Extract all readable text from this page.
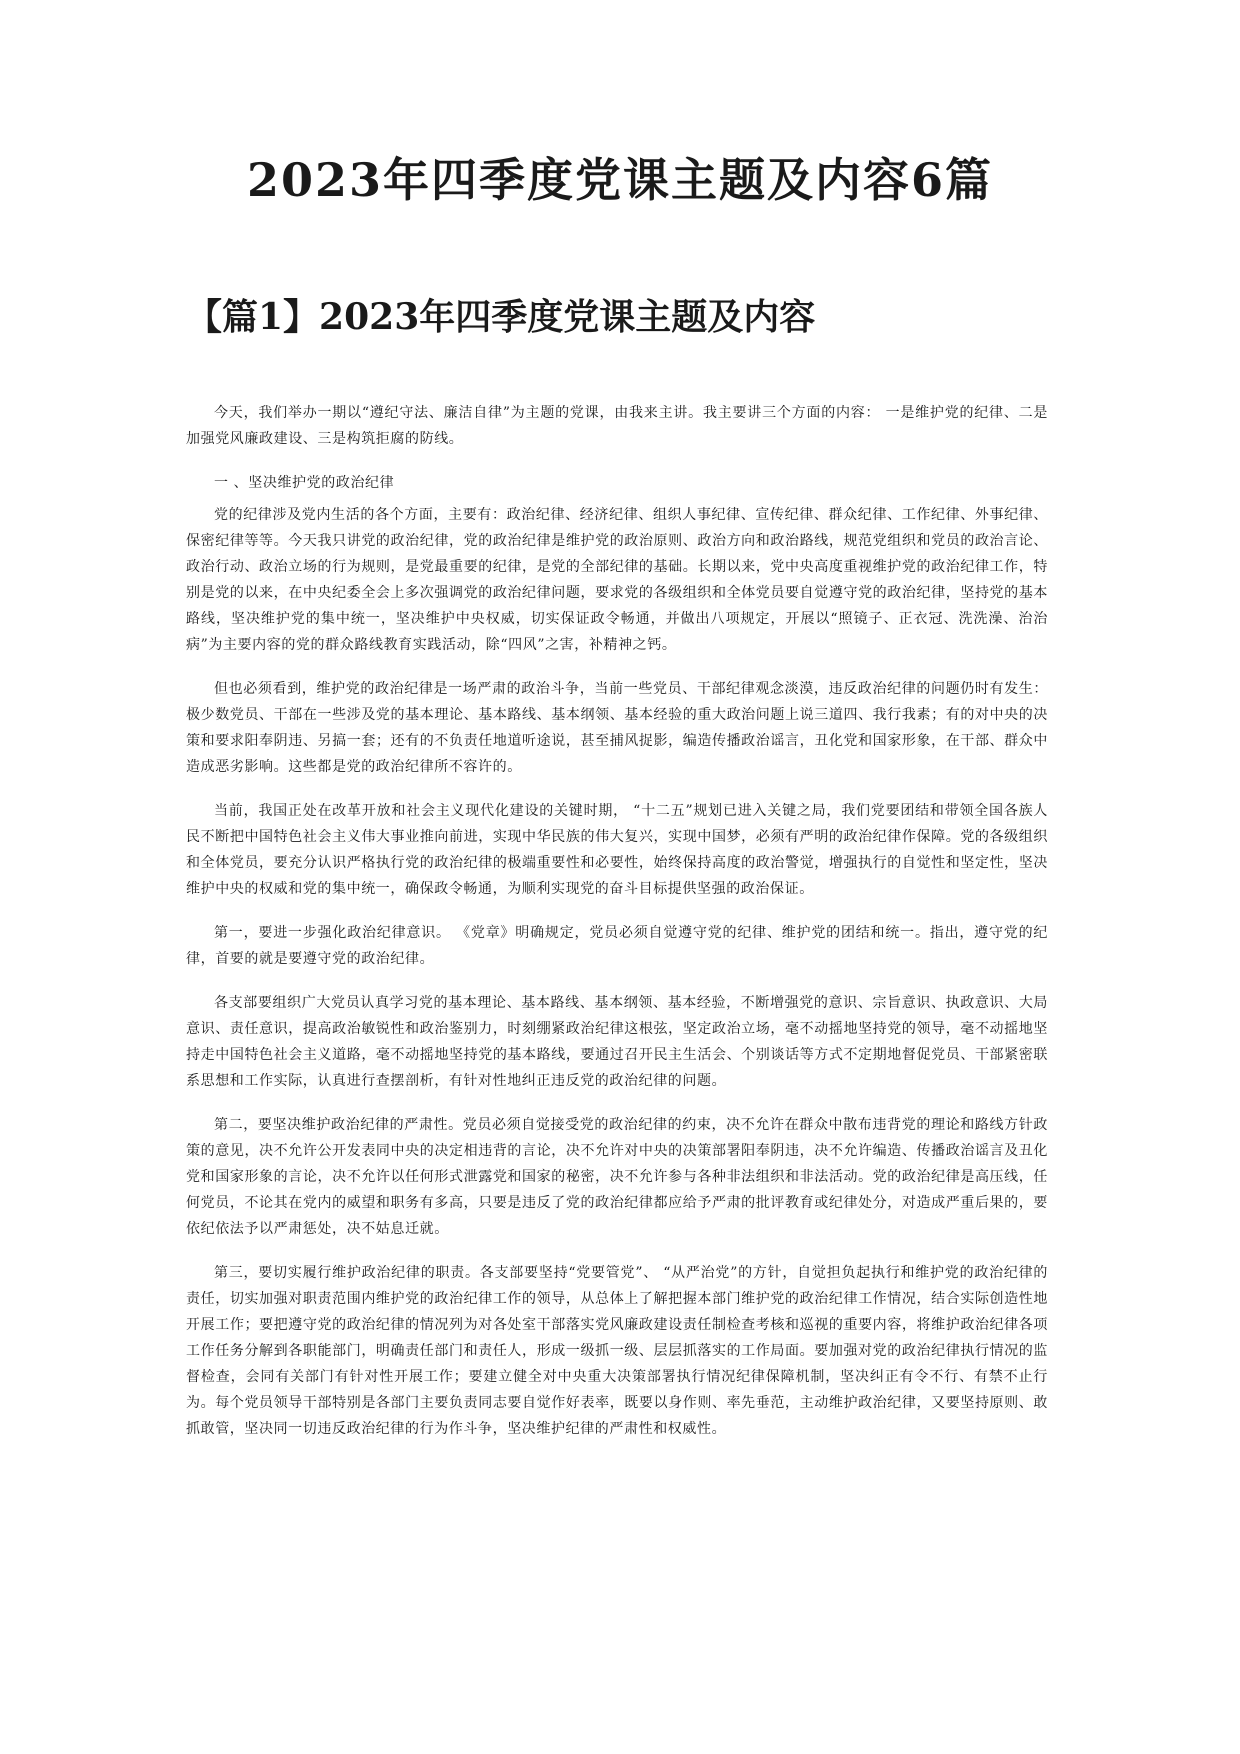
2023年四季度党课主题及内容6篇
【篇1】2023年四季度党课主题及内容

今天，我们举办一期以“遵纪守法、廉洁自律”为主题的党课，由我来主讲。我主要讲三个方面的内容： 一是维护党的纪律、二是加强党风廉政建设、三是构筑拒腐的防线。

一 、坚决维护党的政治纪律

党的纪律涉及党内生活的各个方面，主要有：政治纪律、经济纪律、组织人事纪律、宣传纪律、群众纪律、工作纪律、外事纪律、保密纪律等等。今天我只讲党的政治纪律，党的政治纪律是维护党的政治原则、政治方向和政治路线，规范党组织和党员的政治言论、政治行动、政治立场的行为规则，是党最重要的纪律，是党的全部纪律的基础。长期以来，党中央高度重视维护党的政治纪律工作，特别是党的以来，在中央纪委全会上多次强调党的政治纪律问题，要求党的各级组织和全体党员要自觉遵守党的政治纪律，坚持党的基本路线，坚决维护党的集中统一，坚决维护中央权威，切实保证政令畅通，并做出八项规定，开展以“照镜子、正衣冠、洗洗澡、治治病”为主要内容的党的群众路线教育实践活动，除“四风”之害，补精神之钙。

但也必须看到，维护党的政治纪律是一场严肃的政治斗争，当前一些党员、干部纪律观念淡漠，违反政治纪律的问题仍时有发生：极少数党员、干部在一些涉及党的基本理论、基本路线、基本纲领、基本经验的重大政治问题上说三道四、我行我素；有的对中央的决策和要求阳奉阴违、另搞一套；还有的不负责任地道听途说，甚至捕风捉影，编造传播政治谣言，丑化党和国家形象，在干部、群众中造成恶劣影响。这些都是党的政治纪律所不容许的。

当前，我国正处在改革开放和社会主义现代化建设的关键时期， “十二五”规划已进入关键之局，我们党要团结和带领全国各族人民不断把中国特色社会主义伟大事业推向前进，实现中华民族的伟大复兴，实现中国梦，必须有严明的政治纪律作保障。党的各级组织和全体党员，要充分认识严格执行党的政治纪律的极端重要性和必要性，始终保持高度的政治警觉，增强执行的自觉性和坚定性，坚决维护中央的权威和党的集中统一，确保政令畅通，为顺利实现党的奋斗目标提供坚强的政治保证。

第一，要进一步强化政治纪律意识。 《党章》明确规定，党员必须自觉遵守党的纪律、维护党的团结和统一。指出，遵守党的纪律，首要的就是要遵守党的政治纪律。

各支部要组织广大党员认真学习党的基本理论、基本路线、基本纲领、基本经验，不断增强党的意识、宗旨意识、执政意识、大局意识、责任意识，提高政治敏锐性和政治鉴别力，时刻绷紧政治纪律这根弦，坚定政治立场，毫不动摇地坚持党的领导，毫不动摇地坚持走中国特色社会主义道路，毫不动摇地坚持党的基本路线，要通过召开民主生活会、个别谈话等方式不定期地督促党员、干部紧密联系思想和工作实际，认真进行查摆剖析，有针对性地纠正违反党的政治纪律的问题。

第二，要坚决维护政治纪律的严肃性。党员必须自觉接受党的政治纪律的约束，决不允许在群众中散布违背党的理论和路线方针政策的意见，决不允许公开发表同中央的决定相违背的言论，决不允许对中央的决策部署阳奉阴违，决不允许编造、传播政治谣言及丑化党和国家形象的言论，决不允许以任何形式泄露党和国家的秘密，决不允许参与各种非法组织和非法活动。党的政治纪律是高压线，任何党员，不论其在党内的威望和职务有多高，只要是违反了党的政治纪律都应给予严肃的批评教育或纪律处分，对造成严重后果的，要依纪依法予以严肃惩处，决不姑息迁就。

第三，要切实履行维护政治纪律的职责。各支部要坚持“党要管党”、 “从严治党”的方针，自觉担负起执行和维护党的政治纪律的责任，切实加强对职责范围内维护党的政治纪律工作的领导，从总体上了解把握本部门维护党的政治纪律工作情况，结合实际创造性地开展工作；要把遵守党的政治纪律的情况列为对各处室干部落实党风廉政建设责任制检查考核和巡视的重要内容，将维护政治纪律各项工作任务分解到各职能部门，明确责任部门和责任人，形成一级抓一级、层层抓落实的工作局面。要加强对党的政治纪律执行情况的监督检查，会同有关部门有针对性开展工作；要建立健全对中央重大决策部署执行情况纪律保障机制，坚决纠正有令不行、有禁不止行为。每个党员领导干部特别是各部门主要负责同志要自觉作好表率，既要以身作则、率先垂范，主动维护政治纪律，又要坚持原则、敢抓敢管，坚决同一切违反政治纪律的行为作斗争，坚决维护纪律的严肃性和权威性。
